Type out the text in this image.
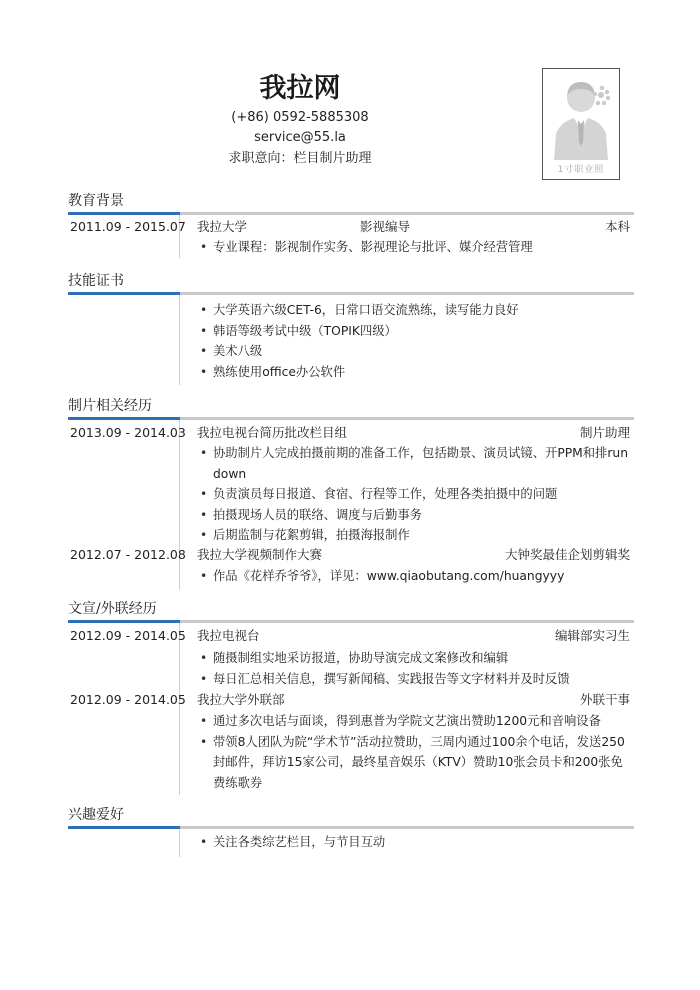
我拉网
(+86) 0592-5885308
service@55.la
求职意向：栏目制片助理
1寸职业照
教育背景
2011.09 - 2015.07 我拉大学	影视编导	本科
• 专业课程：影视制作实务、影视理论与批评、媒介经营管理
技能证书
• 大学英语六级CET-6，日常口语交流熟练，读写能力良好
• 韩语等级考试中级（TOPIK四级）
• 美术八级
• 熟练使用office办公软件
制片相关经历
2013.09 - 2014.03 我拉电视台简历批改栏目组	制片助理
• 协助制片人完成拍摄前期的准备工作，包括勘景、演员试镜、开PPM和排run down
• 负责演员每日报道、食宿、行程等工作，处理各类拍摄中的问题
• 拍摄现场人员的联络、调度与后勤事务
• 后期监制与花絮剪辑，拍摄海报制作
2012.07 - 2012.08 我拉大学视频制作大赛	大钟奖最佳企划剪辑奖
• 作品《花样乔爷爷》，详见：www.qiaobutang.com/huangyyy
文宣/外联经历
2012.09 - 2014.05 我拉电视台	编辑部实习生
• 随摄制组实地采访报道，协助导演完成文案修改和编辑
• 每日汇总相关信息，撰写新闻稿、实践报告等文字材料并及时反馈
2012.09 - 2014.05 我拉大学外联部	外联干事
• 通过多次电话与面谈，得到惠普为学院文艺演出赞助1200元和音响设备
• 带领8人团队为院“学术节”活动拉赞助，三周内通过100余个电话，发送250封邮件，拜访15家公司，最终星音娱乐（KTV）赞助10张会员卡和200张免费练歌券
兴趣爱好
• 关注各类综艺栏目，与节目互动
